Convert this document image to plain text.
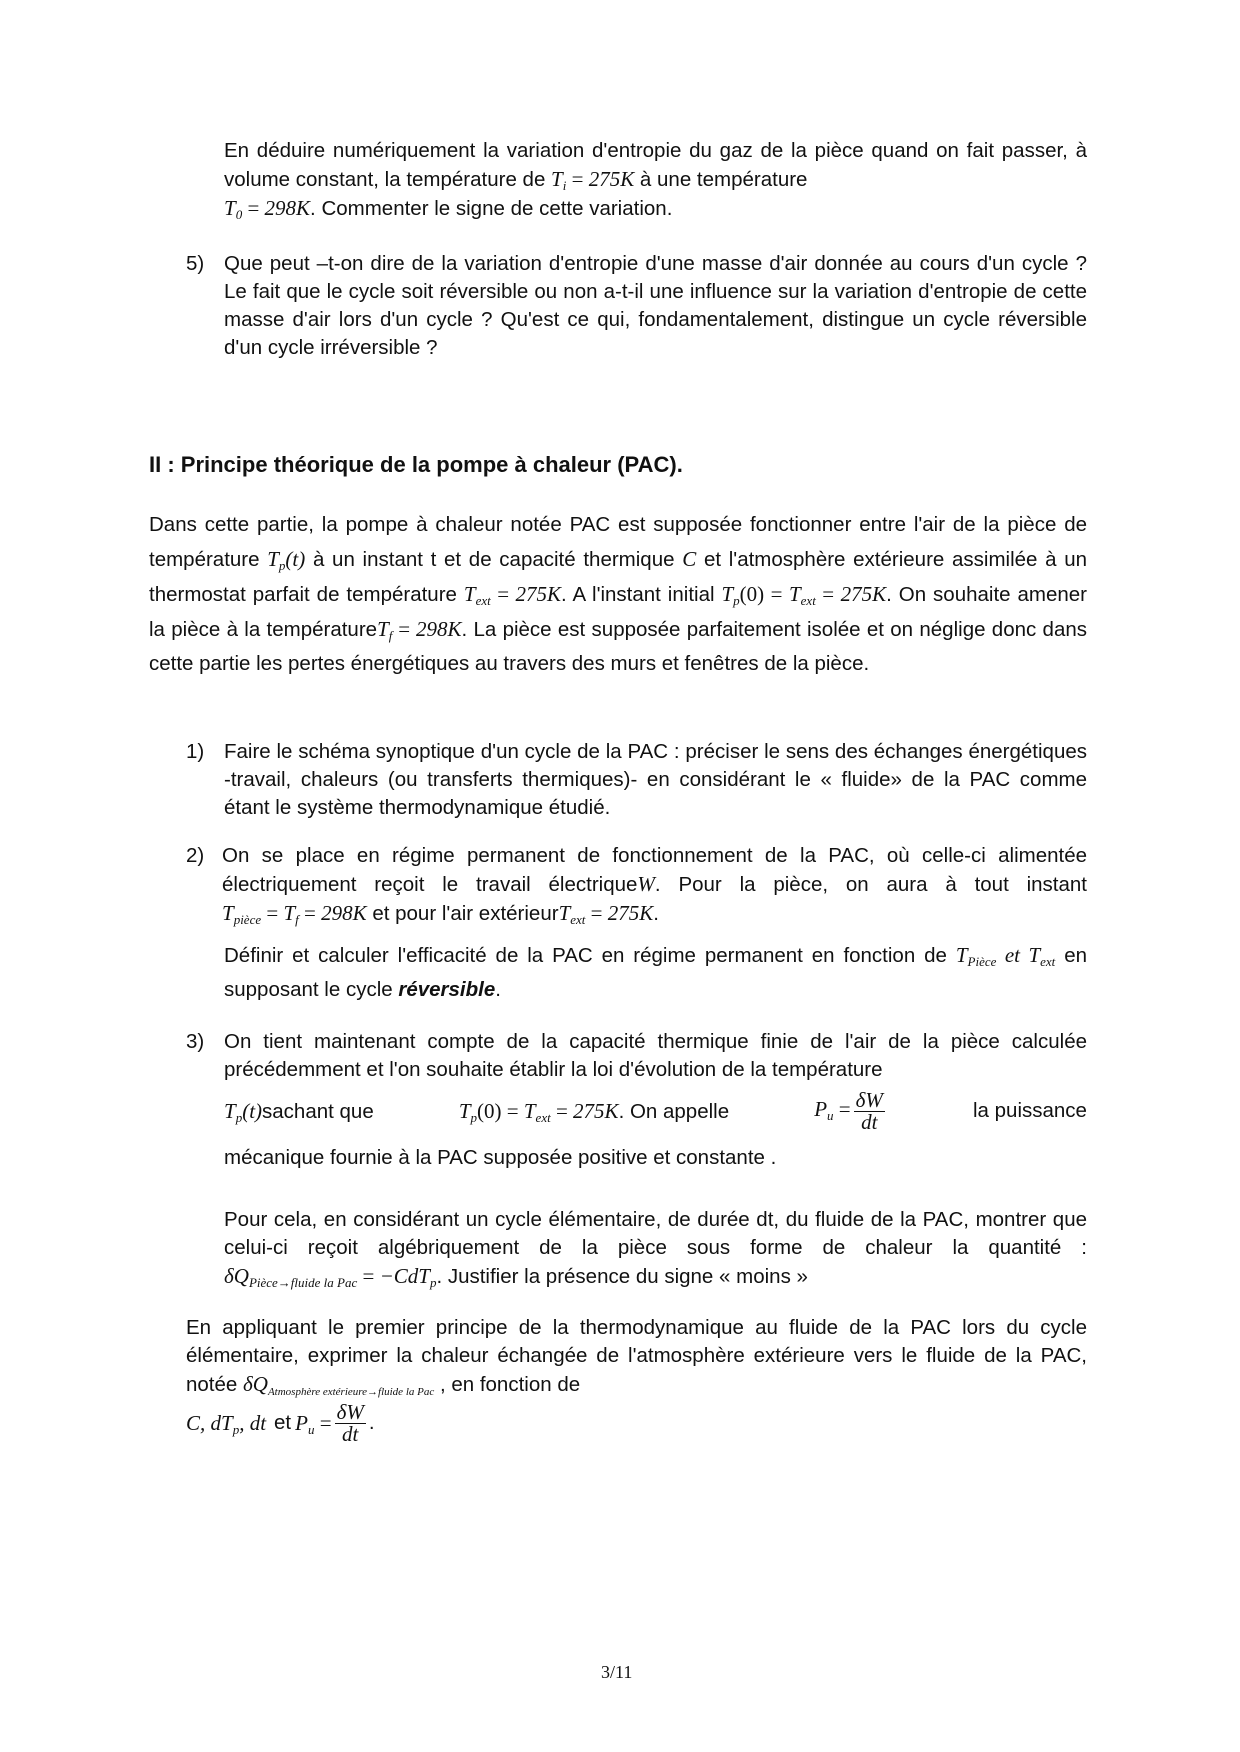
En déduire numériquement la variation d'entropie du gaz de la pièce quand on fait passer, à volume constant, la température de $T_i = 275K$ à une température
$T_0 = 298K$. Commenter le signe de cette variation.
5) Que peut –t-on dire de la variation d'entropie d'une masse d'air donnée au cours d'un cycle ? Le fait que le cycle soit réversible ou non a-t-il une influence sur la variation d'entropie de cette masse d'air lors d'un cycle ? Qu'est ce qui, fondamentalement, distingue un cycle réversible d'un cycle irréversible ?
II : Principe théorique de la pompe à chaleur (PAC).
Dans cette partie, la pompe à chaleur notée PAC est supposée fonctionner entre l'air de la pièce de température $T_p(t)$ à un instant t et de capacité thermique C et l'atmosphère extérieure assimilée à un thermostat parfait de température $T_{ext} = 275K$. A l'instant initial $T_p(0) = T_{ext} = 275K$. On souhaite amener la pièce à la températureT$_f$ = 298K. La pièce est supposée parfaitement isolée et on néglige donc dans cette partie les pertes énergétiques au travers des murs et fenêtres de la pièce.
1) Faire le schéma synoptique d'un cycle de la PAC : préciser le sens des échanges énergétiques -travail, chaleurs (ou transferts thermiques)- en considérant le « fluide» de la PAC comme étant le système thermodynamique étudié.
2) On se place en régime permanent de fonctionnement de la PAC, où celle-ci alimentée électriquement reçoit le travail électriqueW. Pour la pièce, on aura à tout instant $T_{pièce} = T_f = 298K$ et pour l'air extérieurT$_{ext}$ = 275K.
Définir et calculer l'efficacité de la PAC en régime permanent en fonction de $T_{Pièce}$ et $T_{ext}$ en supposant le cycle réversible.
3) On tient maintenant compte de la capacité thermique finie de l'air de la pièce calculée précédemment et l'on souhaite établir la loi d'évolution de la température
$T_p(t)sachant$ que	$T_p(0) = T_{ext} = 275K$. On appelle	$P_u = \frac{\delta W}{dt}$	la puissance
mécanique fournie à la PAC supposée positive et constante .
Pour cela, en considérant un cycle élémentaire, de durée dt, du fluide de la PAC, montrer que celui-ci reçoit algébriquement de la pièce sous forme de chaleur la quantité : $\delta Q_{Pièce\to fluide la Pac} = -CdT_p$. Justifier la présence du signe « moins »
En appliquant le premier principe de la thermodynamique au fluide de la PAC lors du cycle élémentaire, exprimer la chaleur échangée de l'atmosphère extérieure vers le fluide de la PAC, notée $\delta Q_{Atmosphère extérieure\to fluide la Pac}$ , en fonction de
C, $dT_p$, dt et $P_u = \frac{\delta W}{dt}$ .
3/11
